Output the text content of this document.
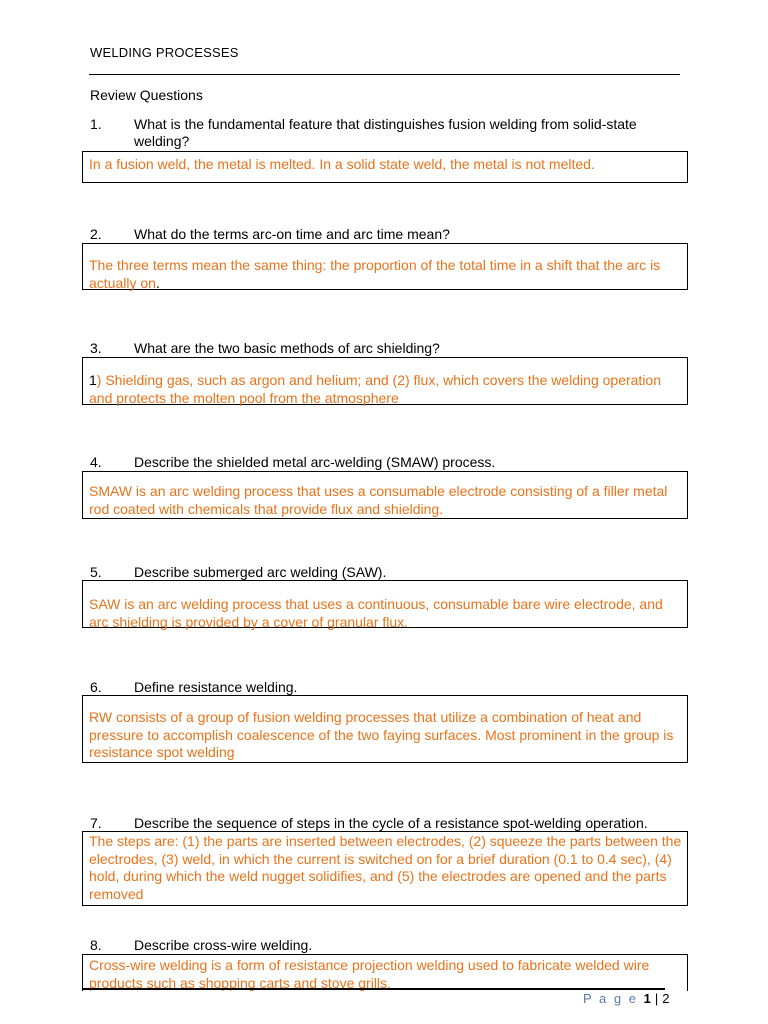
WELDING PROCESSES
Review Questions
1. What is the fundamental feature that distinguishes fusion welding from solid-state welding?
In a fusion weld, the metal is melted. In a solid state weld, the metal is not melted.
2. What do the terms arc-on time and arc time mean?
The three terms mean the same thing: the proportion of the total time in a shift that the arc is actually on.
3. What are the two basic methods of arc shielding?
1) Shielding gas, such as argon and helium; and (2) flux, which covers the welding operation and protects the molten pool from the atmosphere
4. Describe the shielded metal arc-welding (SMAW) process.
SMAW is an arc welding process that uses a consumable electrode consisting of a filler metal rod coated with chemicals that provide flux and shielding.
5. Describe submerged arc welding (SAW).
SAW is an arc welding process that uses a continuous, consumable bare wire electrode, and arc shielding is provided by a cover of granular flux.
6. Define resistance welding.
RW consists of a group of fusion welding processes that utilize a combination of heat and pressure to accomplish coalescence of the two faying surfaces. Most prominent in the group is resistance spot welding
7. Describe the sequence of steps in the cycle of a resistance spot-welding operation.
The steps are: (1) the parts are inserted between electrodes, (2) squeeze the parts between the electrodes, (3) weld, in which the current is switched on for a brief duration (0.1 to 0.4 sec), (4) hold, during which the weld nugget solidifies, and (5) the electrodes are opened and the parts removed
8. Describe cross-wire welding.
Cross-wire welding is a form of resistance projection welding used to fabricate welded wire products such as shopping carts and stove grills.
P a g e 1 | 2
